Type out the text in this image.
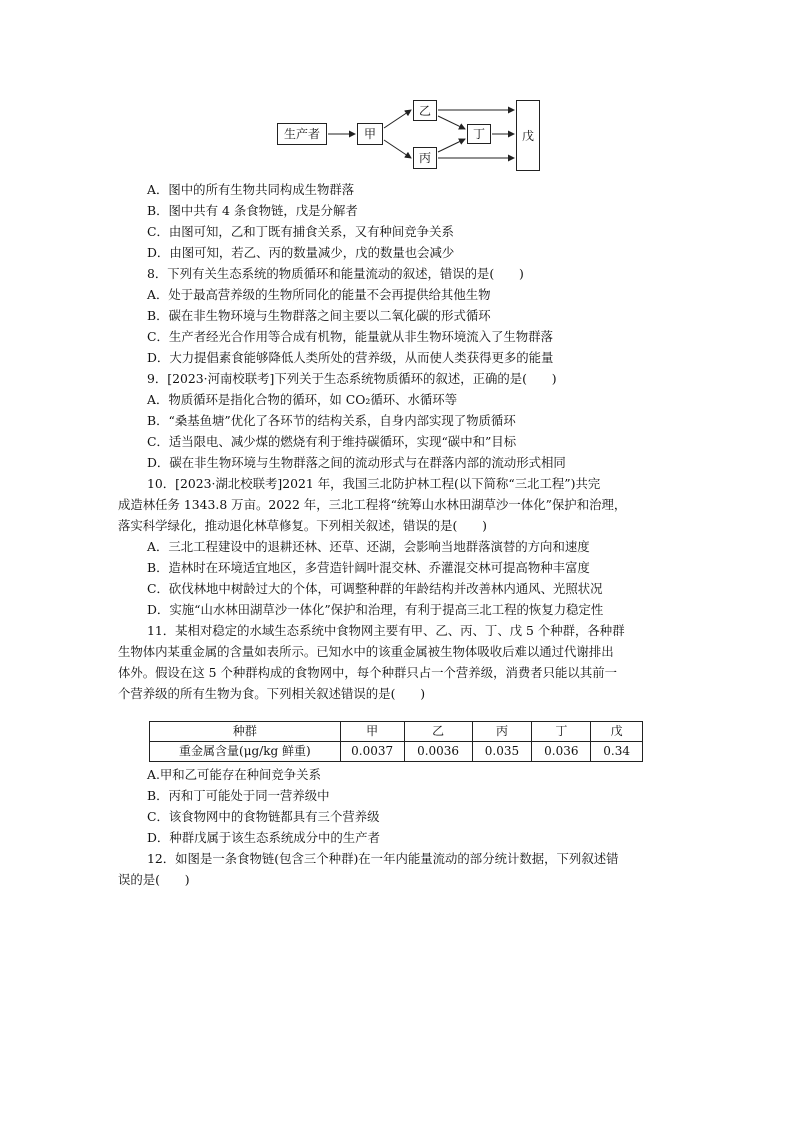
生产者	甲
乙
丙
丁	戊
A．图中的所有生物共同构成生物群落
B．图中共有 4 条食物链，戊是分解者
C．由图可知，乙和丁既有捕食关系，又有种间竞争关系
D．由图可知，若乙、丙的数量减少，戊的数量也会减少
8．下列有关生态系统的物质循环和能量流动的叙述，错误的是(　　)
A．处于最高营养级的生物所同化的能量不会再提供给其他生物
B．碳在非生物环境与生物群落之间主要以二氧化碳的形式循环
C．生产者经光合作用等合成有机物，能量就从非生物环境流入了生物群落
D．大力提倡素食能够降低人类所处的营养级，从而使人类获得更多的能量
9．[2023·河南校联考]下列关于生态系统物质循环的叙述，正确的是(　　)
A．物质循环是指化合物的循环，如 CO₂循环、水循环等
B．“桑基鱼塘”优化了各环节的结构关系，自身内部实现了物质循环
C．适当限电、减少煤的燃烧有利于维持碳循环，实现“碳中和”目标
D．碳在非生物环境与生物群落之间的流动形式与在群落内部的流动形式相同
10．[2023·湖北校联考]2021 年，我国三北防护林工程(以下简称“三北工程”)共完
成造林任务 1343.8 万亩。2022 年，三北工程将“统筹山水林田湖草沙一体化”保护和治理，
落实科学绿化，推动退化林草修复。下列相关叙述，错误的是(　　)
A．三北工程建设中的退耕还林、还草、还湖，会影响当地群落演替的方向和速度
B．造林时在环境适宜地区，多营造针阔叶混交林、乔灌混交林可提高物种丰富度
C．砍伐林地中树龄过大的个体，可调整种群的年龄结构并改善林内通风、光照状况
D．实施“山水林田湖草沙一体化”保护和治理，有利于提高三北工程的恢复力稳定性
11．某相对稳定的水域生态系统中食物网主要有甲、乙、丙、丁、戊 5 个种群，各种群
生物体内某重金属的含量如表所示。已知水中的该重金属被生物体吸收后难以通过代谢排出
体外。假设在这 5 个种群构成的食物网中，每个种群只占一个营养级，消费者只能以其前一
个营养级的所有生物为食。下列相关叙述错误的是(　　)
种群	甲	乙	丙	丁	戊
重金属含量(μg/kg 鲜重)	0.0037	0.0036	0.035	0.036	0.34
A.甲和乙可能存在种间竞争关系
B．丙和丁可能处于同一营养级中
C．该食物网中的食物链都具有三个营养级
D．种群戊属于该生态系统成分中的生产者
12．如图是一条食物链(包含三个种群)在一年内能量流动的部分统计数据，下列叙述错
误的是(　　)
